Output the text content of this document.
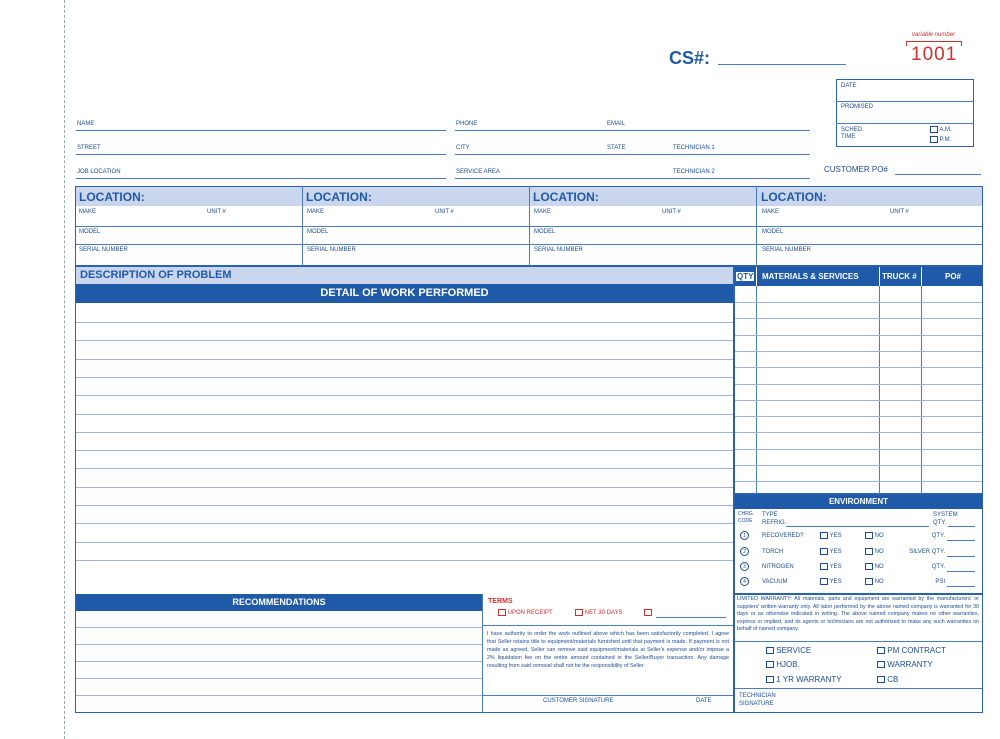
CS#:
variable number
1001
DATE
PROMISED
SCHED.
TIME
A.M.
P.M.
NAME	PHONE	EMAIL
STREET	CITY	STATE	TECHNICIAN 1
JOB LOCATION	SERVICE AREA	TECHNICIAN 2	CUSTOMER PO#
LOCATION:	LOCATION:	LOCATION:	LOCATION:
MAKE	UNIT #	MAKE	UNIT #	MAKE	UNIT #	MAKE	UNIT #
MODEL	MODEL	MODEL	MODEL
SERIAL NUMBER	SERIAL NUMBER	SERIAL NUMBER	SERIAL NUMBER
DESCRIPTION OF PROBLEM
DETAIL OF WORK PERFORMED
RECOMMENDATIONS	TERMS
UPON RECEIPT	NET 30 DAYS
I have authority to order the work outlined above which has been satisfactorily completed. I agree that Seller retains title to equipment/materials furnished until that payment is made. If payment is not made as agreed, Seller can remove said equipment/materials at Seller's expense and/or impose a 2% liquidation fee on the entire amount contained in the Seller/Buyer transaction. Any damage resulting from said removal shall not be the responsibility of Seller.
CUSTOMER SIGNATURE	DATE
QTY MATERIALS & SERVICES	TRUCK #	PO#
ENVIRONMENT
CHRG.
CODE
TYPE
REFRIG.
SYSTEM
QTY.
1	RECOVERED?	YES	NO	QTY.
2	TORCH	YES	NO	SILVER QTY.
3	NITROGEN	YES	NO	QTY.
4	VACUUM	YES	NO	PSI
LIMITED WARRANTY: All materials, parts and equipment are warranted by the manufacturers' or suppliers' written warranty only. All labor performed by the above named company is warranted for 30 days or as otherwise indicated in writing. The above named company makes no other warranties, express or implied, and its agents or technicians are not authorized to make any such warranties on behalf of named company.
SERVICE	PM CONTRACT
HJOB.	WARRANTY
1 YR WARRANTY	CB
TECHNICIAN
SIGNATURE
